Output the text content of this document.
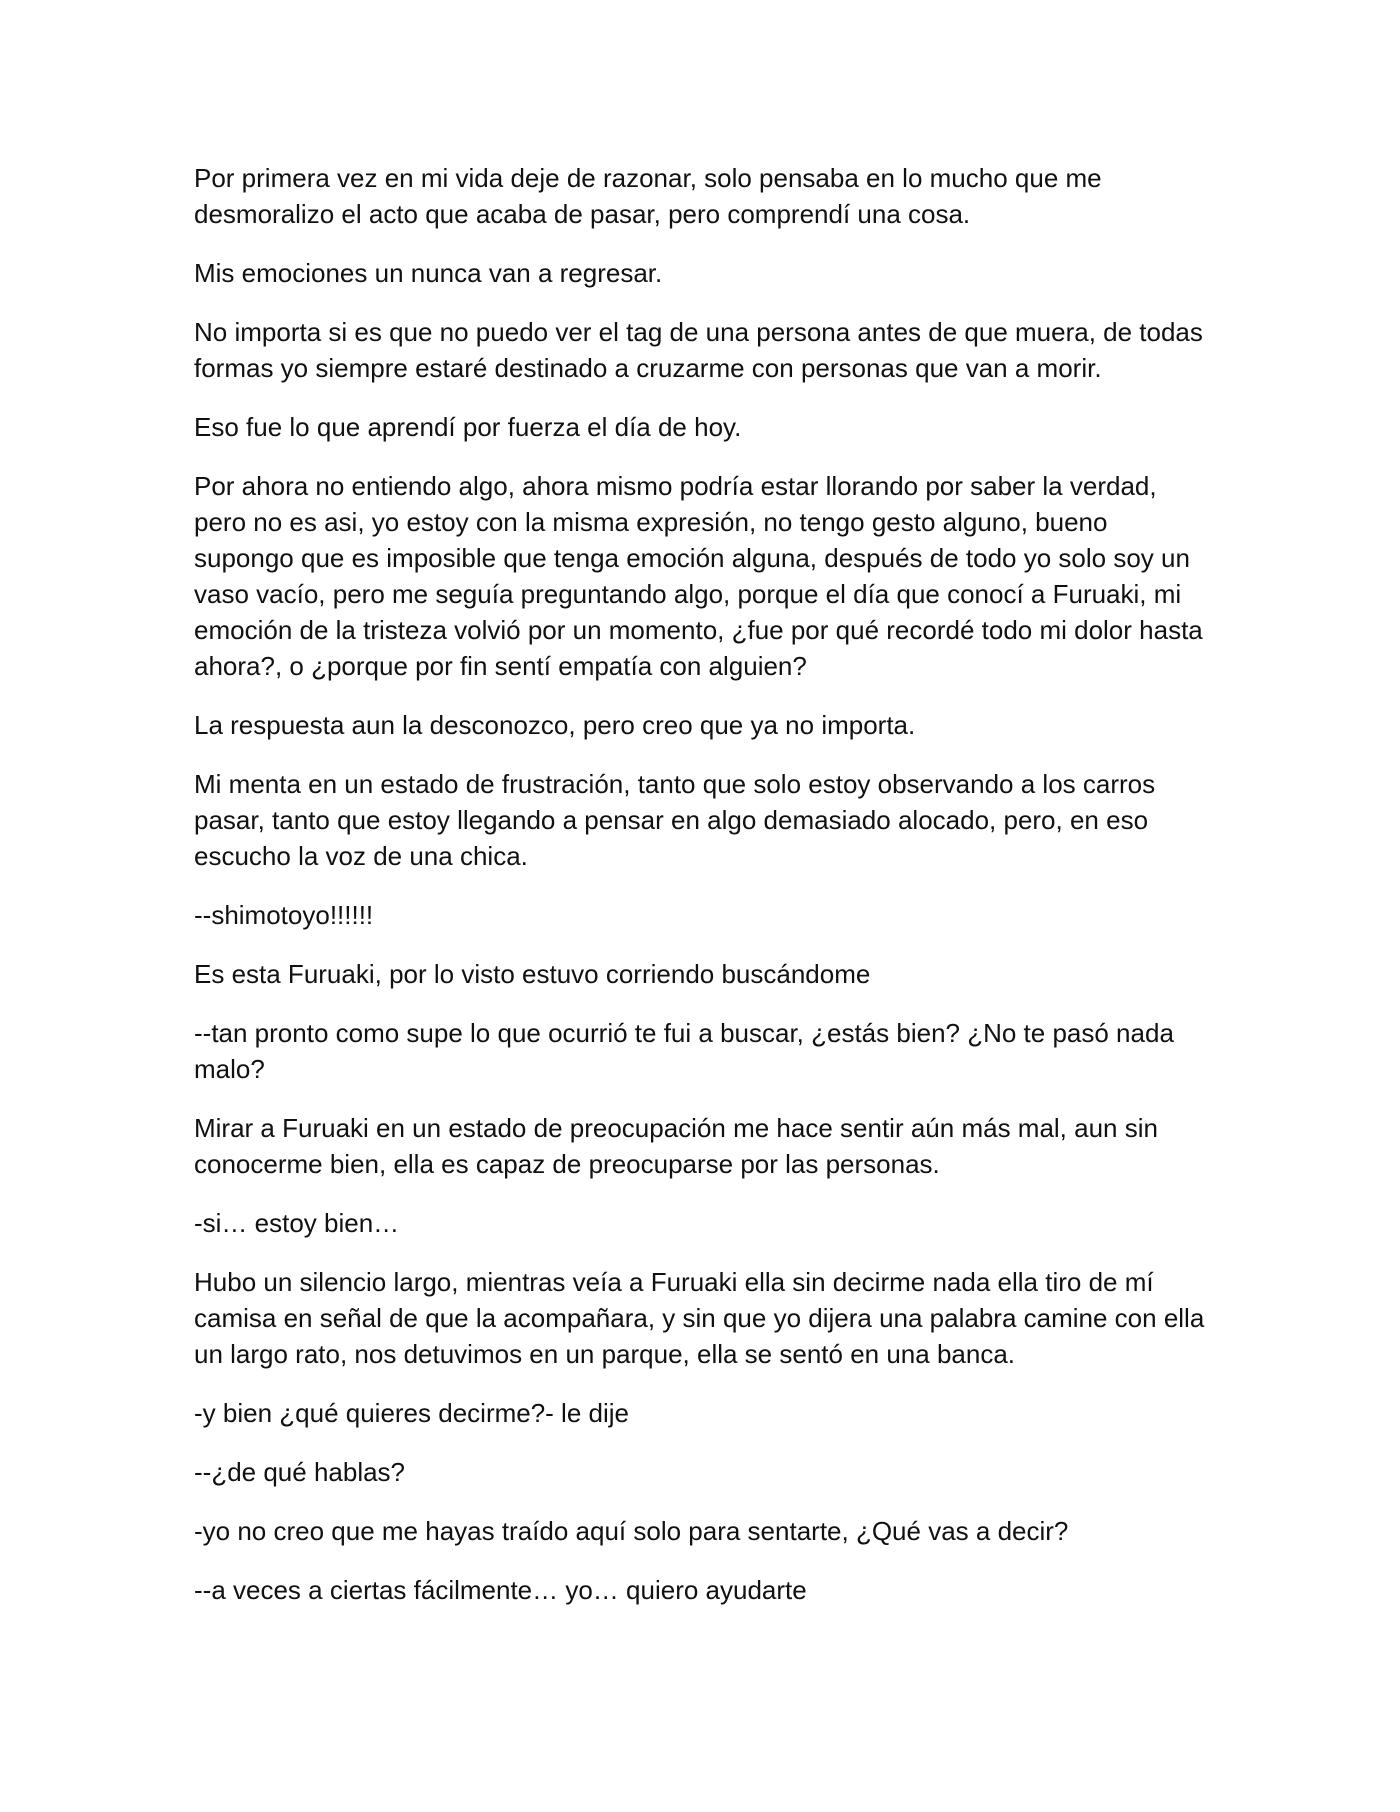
Por primera vez en mi vida deje de razonar, solo pensaba en lo mucho que me desmoralizo el acto que acaba de pasar, pero comprendí una cosa.

Mis emociones un nunca van a regresar.

No importa si es que no puedo ver el tag de una persona antes de que muera, de todas formas yo siempre estaré destinado a cruzarme con personas que van a morir.

Eso fue lo que aprendí por fuerza el día de hoy.

Por ahora no entiendo algo, ahora mismo podría estar llorando por saber la verdad, pero no es asi, yo estoy con la misma expresión, no tengo gesto alguno, bueno supongo que es imposible que tenga emoción alguna, después de todo yo solo soy un vaso vacío, pero me seguía preguntando algo, porque el día que conocí a Furuaki, mi emoción de la tristeza volvió por un momento, ¿fue por qué recordé todo mi dolor hasta ahora?, o ¿porque por fin sentí empatía con alguien?

La respuesta aun la desconozco, pero creo que ya no importa.

Mi menta en un estado de frustración, tanto que solo estoy observando a los carros pasar, tanto que estoy llegando a pensar en algo demasiado alocado, pero, en eso escucho la voz de una chica.

--shimotoyo!!!!!!

Es esta Furuaki, por lo visto estuvo corriendo buscándome

--tan pronto como supe lo que ocurrió te fui a buscar, ¿estás bien? ¿No te pasó nada malo?

Mirar a Furuaki en un estado de preocupación me hace sentir aún más mal, aun sin conocerme bien, ella es capaz de preocuparse por las personas.

-si… estoy bien…

Hubo un silencio largo, mientras veía a Furuaki ella sin decirme nada ella tiro de mí camisa en señal de que la acompañara, y sin que yo dijera una palabra camine con ella un largo rato, nos detuvimos en un parque, ella se sentó en una banca.

-y bien ¿qué quieres decirme?- le dije

--¿de qué hablas?

-yo no creo que me hayas traído aquí solo para sentarte, ¿Qué vas a decir?

--a veces a ciertas fácilmente… yo… quiero ayudarte
